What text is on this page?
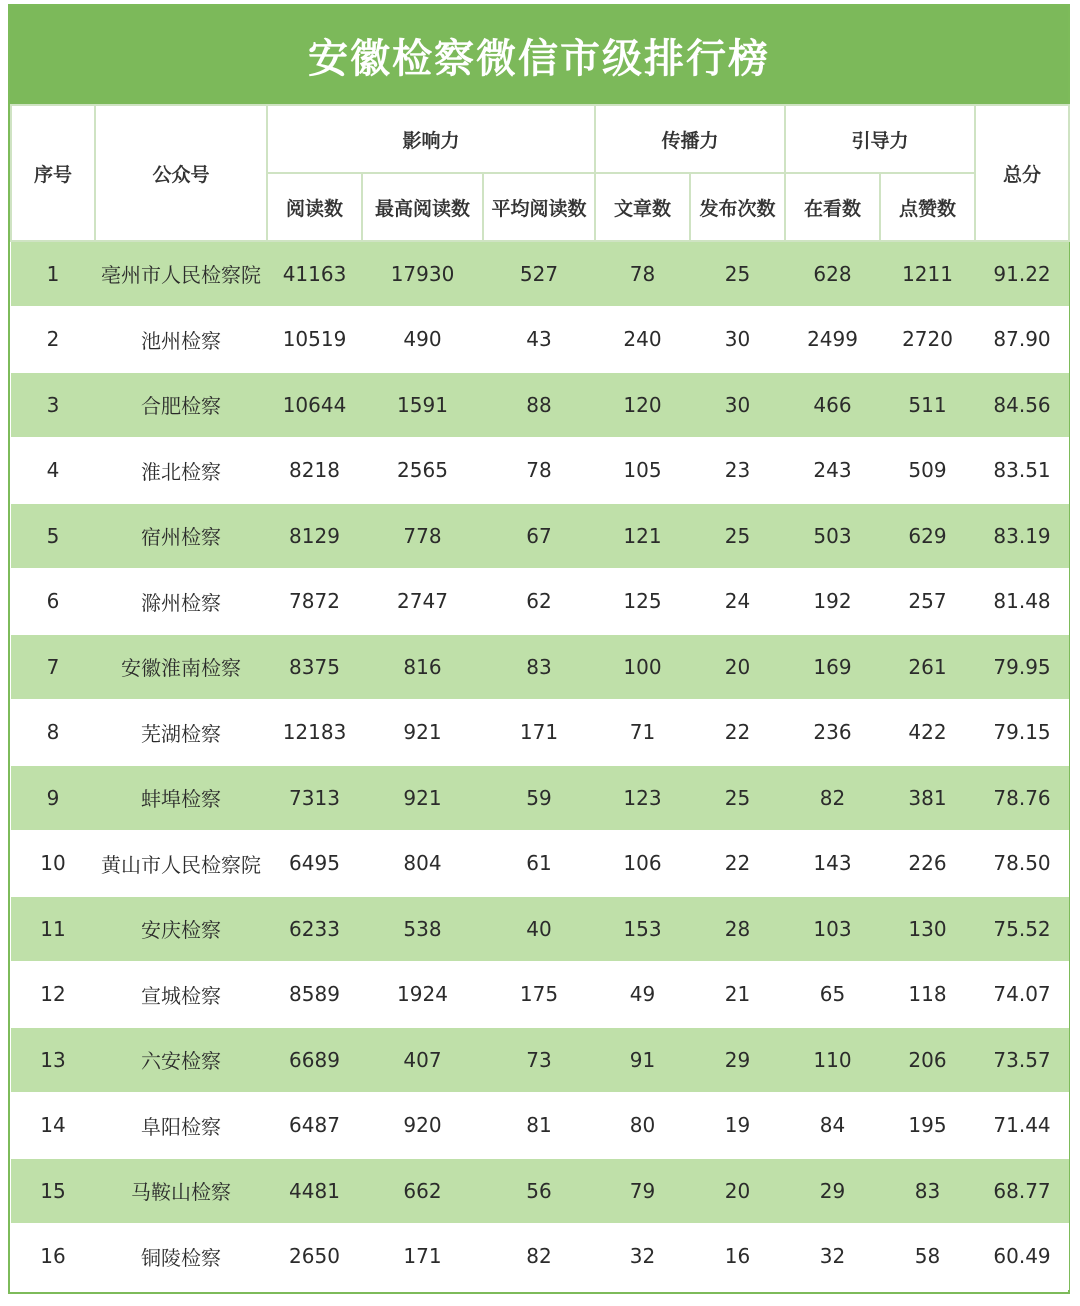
安徽检察微信市级排行榜
序号	公众号	影响力			传播力		引导力		总分
		阅读数	最高阅读数	平均阅读数	文章数	发布次数	在看数	点赞数	
1	亳州市人民检察院	41163	17930	527	78	25	628	1211	91.22
2	池州检察	10519	490	43	240	30	2499	2720	87.90
3	合肥检察	10644	1591	88	120	30	466	511	84.56
4	淮北检察	8218	2565	78	105	23	243	509	83.51
5	宿州检察	8129	778	67	121	25	503	629	83.19
6	滁州检察	7872	2747	62	125	24	192	257	81.48
7	安徽淮南检察	8375	816	83	100	20	169	261	79.95
8	芜湖检察	12183	921	171	71	22	236	422	79.15
9	蚌埠检察	7313	921	59	123	25	82	381	78.76
10	黄山市人民检察院	6495	804	61	106	22	143	226	78.50
11	安庆检察	6233	538	40	153	28	103	130	75.52
12	宣城检察	8589	1924	175	49	21	65	118	74.07
13	六安检察	6689	407	73	91	29	110	206	73.57
14	阜阳检察	6487	920	81	80	19	84	195	71.44
15	马鞍山检察	4481	662	56	79	20	29	83	68.77
16	铜陵检察	2650	171	82	32	16	32	58	60.49
